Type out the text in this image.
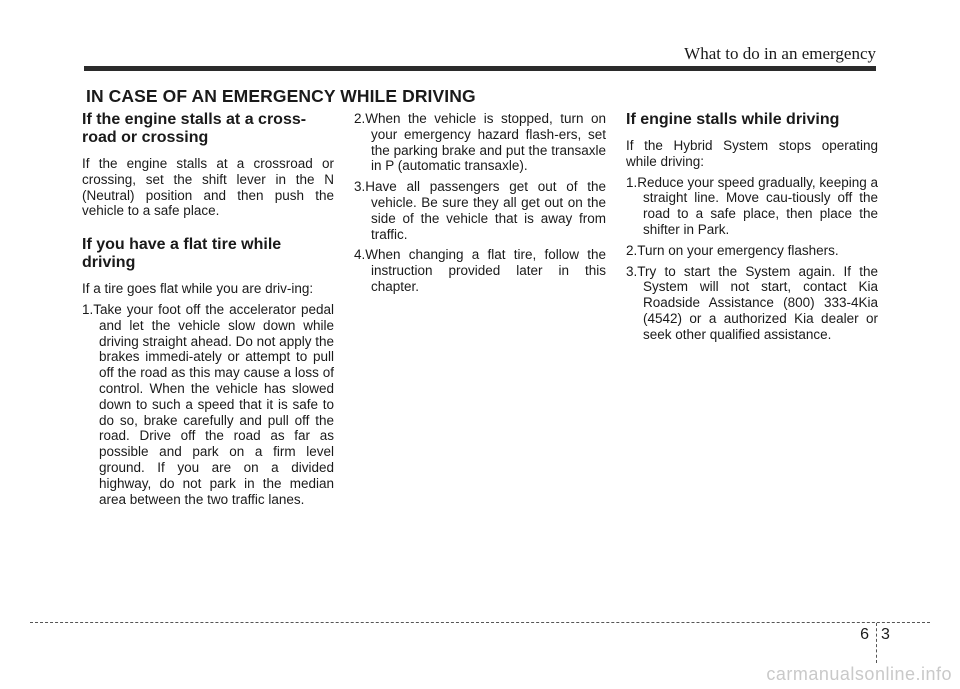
What to do in an emergency
IN CASE OF AN EMERGENCY WHILE DRIVING
If the engine stalls at a cross-road or crossing
If the engine stalls at a crossroad or crossing, set the shift lever in the N (Neutral) position and then push the vehicle to a safe place.
If you have a flat tire while driving
If a tire goes flat while you are driv-ing:
1.Take your foot off the accelerator pedal and let the vehicle slow down while driving straight ahead. Do not apply the brakes immedi-ately or attempt to pull off the road as this may cause a loss of control. When the vehicle has slowed down to such a speed that it is safe to do so, brake carefully and pull off the road. Drive off the road as far as possible and park on a firm level ground. If you are on a divided highway, do not park in the median area between the two traffic lanes.
2.When the vehicle is stopped, turn on your emergency hazard flash-ers, set the parking brake and put the transaxle in P (automatic transaxle).
3.Have all passengers get out of the vehicle. Be sure they all get out on the side of the vehicle that is away from traffic.
4.When changing a flat tire, follow the instruction provided later in this chapter.
If engine stalls while driving
If the Hybrid System stops operating while driving:
1.Reduce your speed gradually, keeping a straight line. Move cau-tiously off the road to a safe place, then place the shifter in Park.
2.Turn on your emergency flashers.
3.Try to start the System again. If the System will not start, contact Kia Roadside Assistance (800) 333-4Kia (4542) or a authorized Kia dealer or seek other qualified assistance.
6 3
carmanualsonline.info
